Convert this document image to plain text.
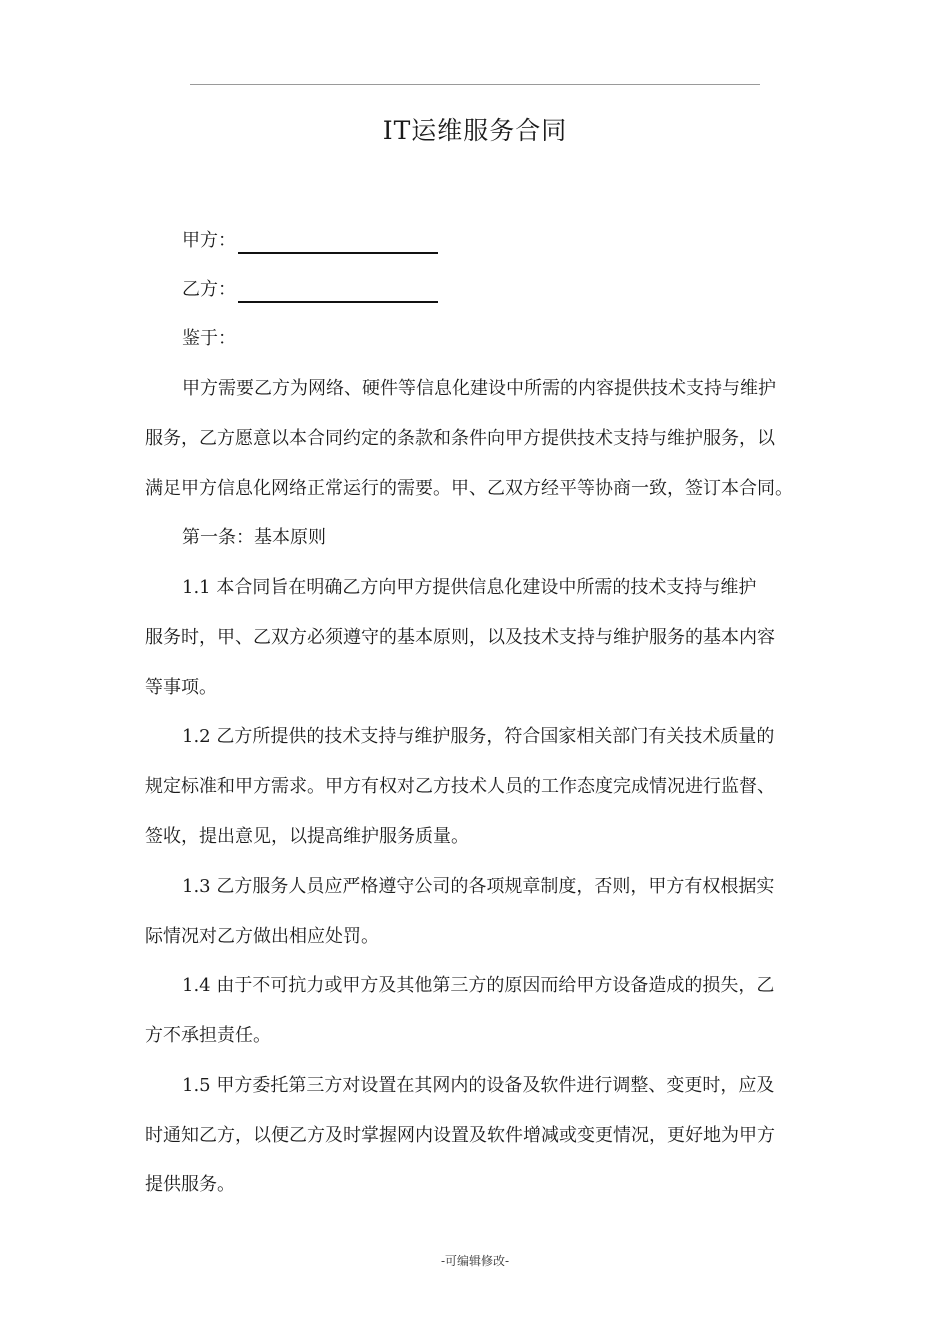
IT运维服务合同
甲方：
乙方：
鉴于：
甲方需要乙方为网络、硬件等信息化建设中所需的内容提供技术支持与维护
服务，乙方愿意以本合同约定的条款和条件向甲方提供技术支持与维护服务，以
满足甲方信息化网络正常运行的需要。甲、乙双方经平等协商一致，签订本合同。
第一条：基本原则
1.1 本合同旨在明确乙方向甲方提供信息化建设中所需的技术支持与维护
服务时，甲、乙双方必须遵守的基本原则，以及技术支持与维护服务的基本内容
等事项。
1.2 乙方所提供的技术支持与维护服务，符合国家相关部门有关技术质量的
规定标准和甲方需求。甲方有权对乙方技术人员的工作态度完成情况进行监督、
签收，提出意见，以提高维护服务质量。
1.3 乙方服务人员应严格遵守公司的各项规章制度，否则，甲方有权根据实
际情况对乙方做出相应处罚。
1.4 由于不可抗力或甲方及其他第三方的原因而给甲方设备造成的损失，乙
方不承担责任。
1.5 甲方委托第三方对设置在其网内的设备及软件进行调整、变更时，应及
时通知乙方，以便乙方及时掌握网内设置及软件增减或变更情况，更好地为甲方
提供服务。
-可编辑修改-
